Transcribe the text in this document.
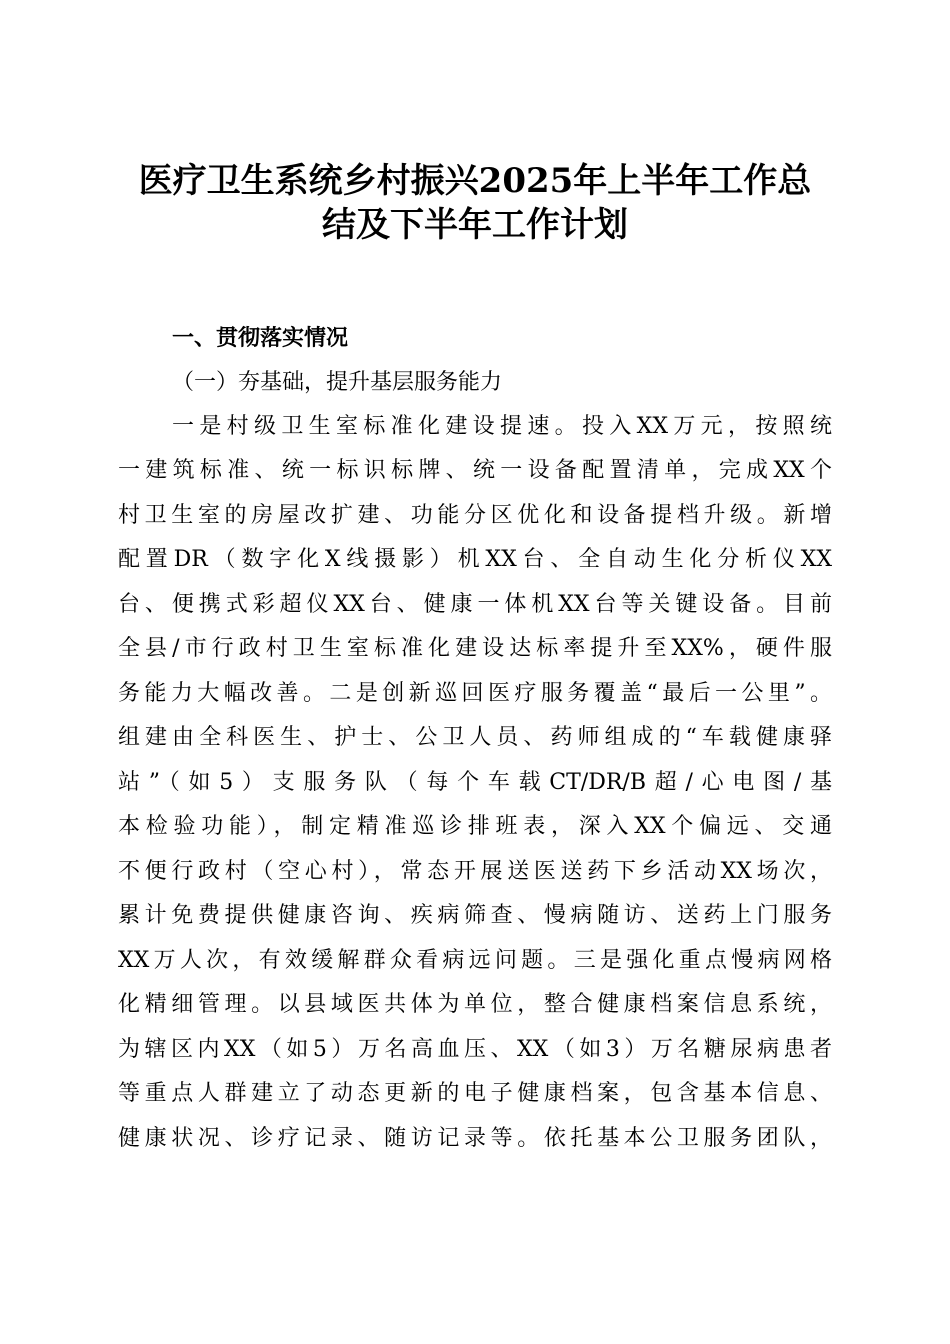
医疗卫生系统乡村振兴2025年上半年工作总
结及下半年工作计划
一、贯彻落实情况
（一）夯基础，提升基层服务能力
一是村级卫生室标准化建设提速。投入XX万元，按照统
一建筑标准、统一标识标牌、统一设备配置清单，完成XX个
村卫生室的房屋改扩建、功能分区优化和设备提档升级。新增
配置DR（数字化X线摄影）机XX台、全自动生化分析仪XX
台、便携式彩超仪XX台、健康一体机XX台等关键设备。目前
全县/市行政村卫生室标准化建设达标率提升至XX%，硬件服
务能力大幅改善。二是创新巡回医疗服务覆盖“最后一公里”。
组建由全科医生、护士、公卫人员、药师组成的“车载健康驿
站”（如5）支服务队（每个车载CT/DR/B超/心电图/基
本检验功能），制定精准巡诊排班表，深入XX个偏远、交通
不便行政村（空心村），常态开展送医送药下乡活动XX场次，
累计免费提供健康咨询、疾病筛查、慢病随访、送药上门服务
XX万人次，有效缓解群众看病远问题。三是强化重点慢病网格
化精细管理。以县域医共体为单位，整合健康档案信息系统，
为辖区内XX（如5）万名高血压、XX（如3）万名糖尿病患者
等重点人群建立了动态更新的电子健康档案，包含基本信息、
健康状况、诊疗记录、随访记录等。依托基本公卫服务团队，
